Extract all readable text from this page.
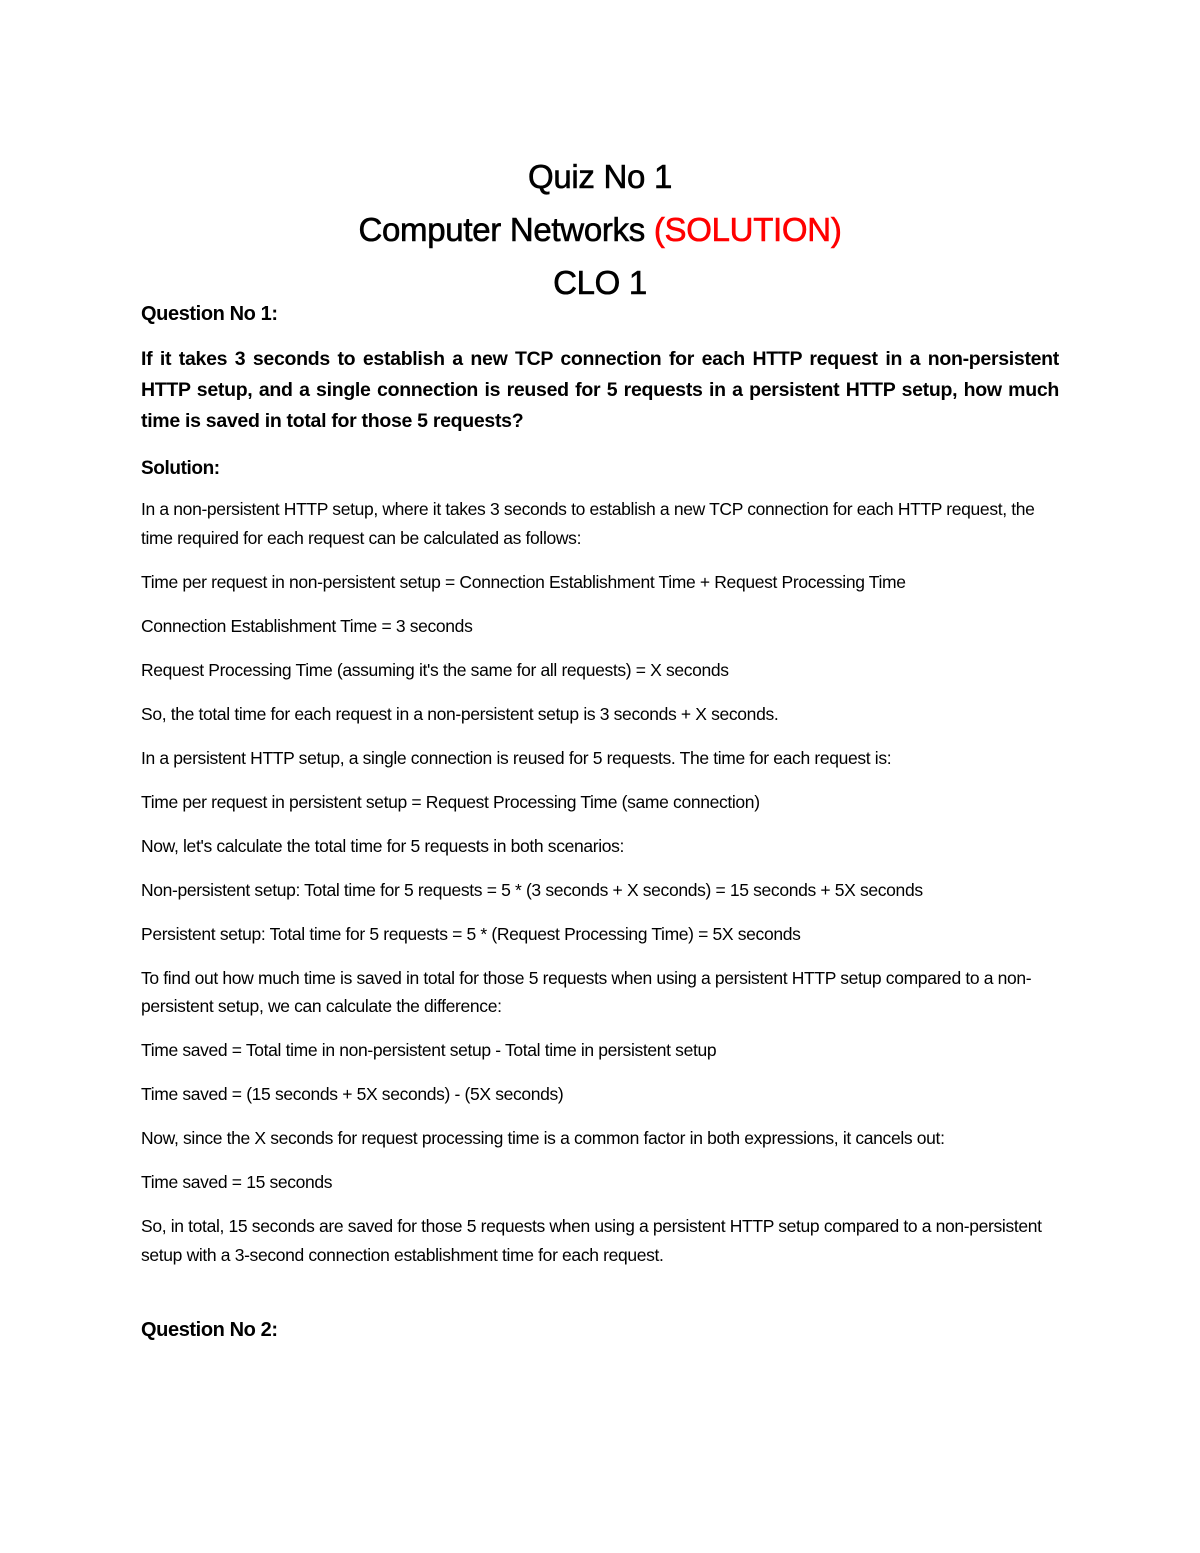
Quiz No 1
Computer Networks (SOLUTION)
CLO 1
Question No 1:
If it takes 3 seconds to establish a new TCP connection for each HTTP request in a non-persistent HTTP setup, and a single connection is reused for 5 requests in a persistent HTTP setup, how much time is saved in total for those 5 requests?
Solution:
In a non-persistent HTTP setup, where it takes 3 seconds to establish a new TCP connection for each HTTP request, the time required for each request can be calculated as follows:
Time per request in non-persistent setup = Connection Establishment Time + Request Processing Time
Connection Establishment Time = 3 seconds
Request Processing Time (assuming it's the same for all requests) = X seconds
So, the total time for each request in a non-persistent setup is 3 seconds + X seconds.
In a persistent HTTP setup, a single connection is reused for 5 requests. The time for each request is:
Time per request in persistent setup = Request Processing Time (same connection)
Now, let's calculate the total time for 5 requests in both scenarios:
Non-persistent setup: Total time for 5 requests = 5 * (3 seconds + X seconds) = 15 seconds + 5X seconds
Persistent setup: Total time for 5 requests = 5 * (Request Processing Time) = 5X seconds
To find out how much time is saved in total for those 5 requests when using a persistent HTTP setup compared to a non-persistent setup, we can calculate the difference:
Time saved = Total time in non-persistent setup - Total time in persistent setup
Time saved = (15 seconds + 5X seconds) - (5X seconds)
Now, since the X seconds for request processing time is a common factor in both expressions, it cancels out:
Time saved = 15 seconds
So, in total, 15 seconds are saved for those 5 requests when using a persistent HTTP setup compared to a non-persistent setup with a 3-second connection establishment time for each request.
Question No 2:
